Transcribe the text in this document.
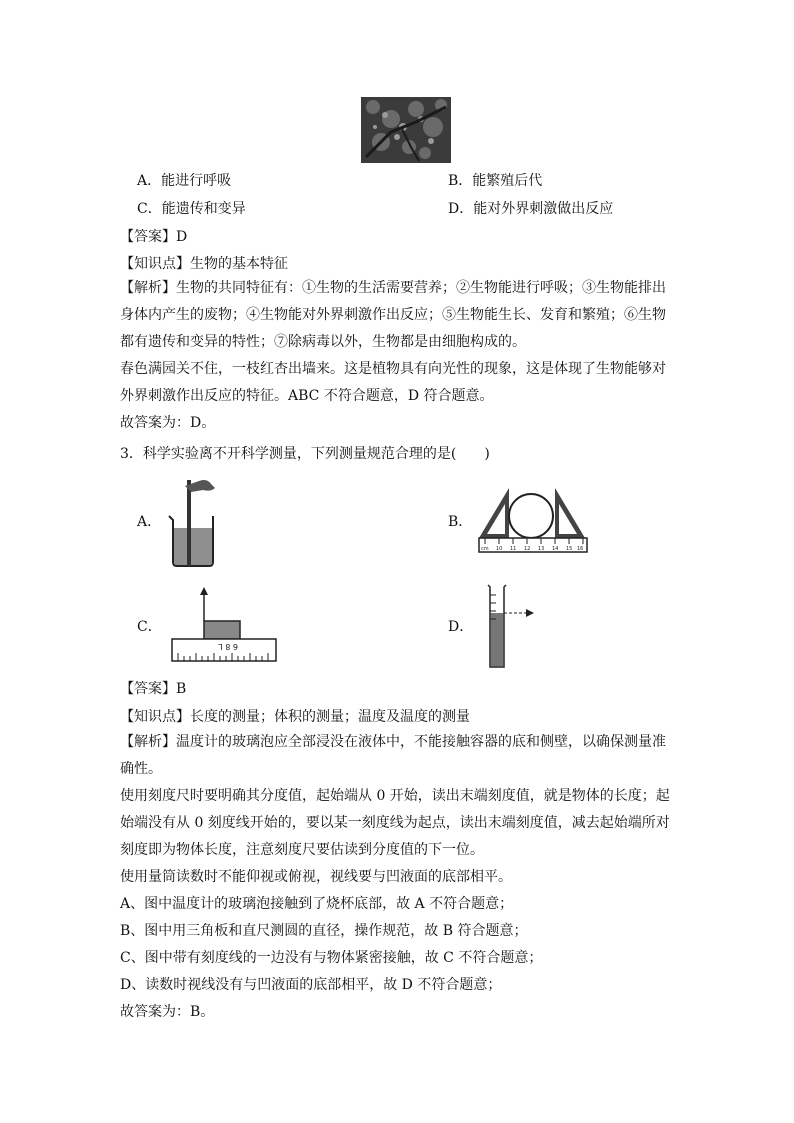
A．能进行呼吸	B．能繁殖后代
C．能遗传和变异	D．能对外界刺激做出反应
【答案】D
【知识点】生物的基本特征
【解析】生物的共同特征有：①生物的生活需要营养；②生物能进行呼吸；③生物能排出
身体内产生的废物；④生物能对外界刺激作出反应；⑤生物能生长、发育和繁殖；⑥生物
都有遗传和变异的特性；⑦除病毒以外，生物都是由细胞构成的。
春色满园关不住，一枝红杏出墙来。这是植物具有向光性的现象，这是体现了生物能够对
外界刺激作出反应的特征。ABC 不符合题意，D 符合题意。
故答案为：D。
3．科学实验离不开科学测量，下列测量规范合理的是(　　)
A．	B．
C．	D．
cm 10 11 12 13 14 15 16
6 8 L
【答案】B
【知识点】长度的测量；体积的测量；温度及温度的测量
【解析】温度计的玻璃泡应全部浸没在液体中，不能接触容器的底和侧壁，以确保测量准
确性。
使用刻度尺时要明确其分度值，起始端从 0 开始，读出末端刻度值，就是物体的长度；起
始端没有从 0 刻度线开始的，要以某一刻度线为起点，读出末端刻度值，减去起始端所对
刻度即为物体长度，注意刻度尺要估读到分度值的下一位。
使用量筒读数时不能仰视或俯视，视线要与凹液面的底部相平。
A、图中温度计的玻璃泡接触到了烧杯底部，故 A 不符合题意；
B、图中用三角板和直尺测圆的直径，操作规范，故 B 符合题意；
C、图中带有刻度线的一边没有与物体紧密接触，故 C 不符合题意；
D、读数时视线没有与凹液面的底部相平，故 D 不符合题意；
故答案为：B。
